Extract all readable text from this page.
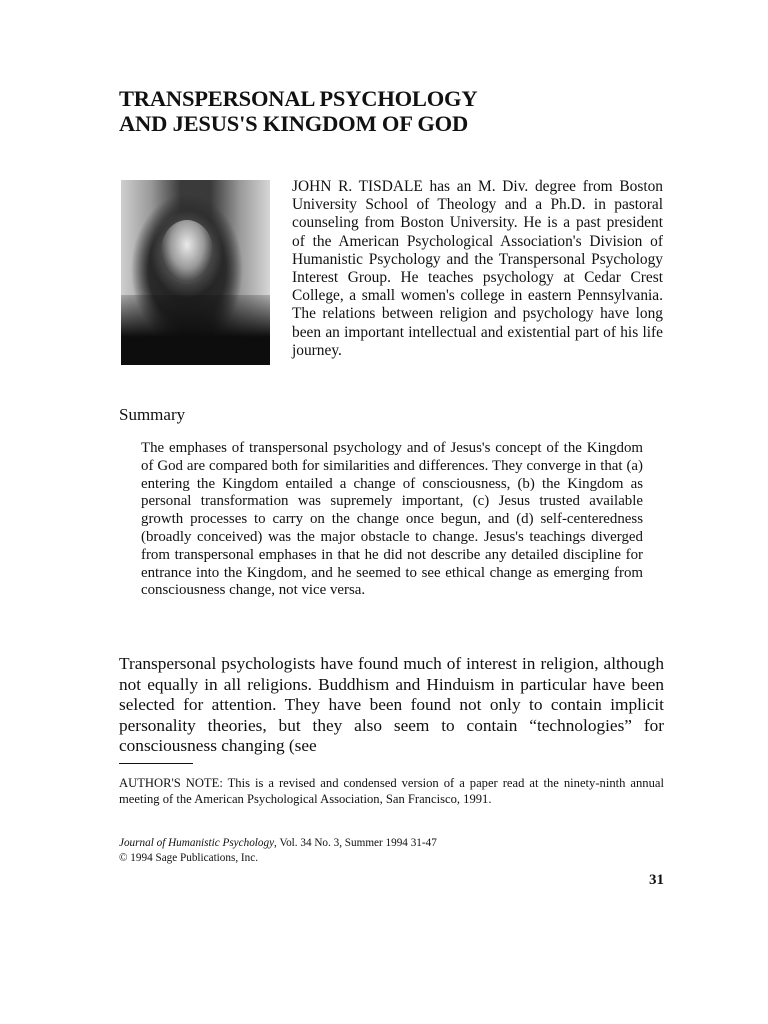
TRANSPERSONAL PSYCHOLOGY
AND JESUS'S KINGDOM OF GOD

JOHN R. TISDALE has an M. Div. degree from Boston University School of Theology and a Ph.D. in pastoral counseling from Boston University. He is a past president of the American Psychological Association's Division of Humanistic Psychology and the Transpersonal Psychology Interest Group. He teaches psychology at Cedar Crest College, a small women's college in eastern Pennsylvania. The relations between religion and psychology have long been an important intellectual and existential part of his life journey.

Summary

The emphases of transpersonal psychology and of Jesus's concept of the Kingdom of God are compared both for similarities and differences. They converge in that (a) entering the Kingdom entailed a change of consciousness, (b) the Kingdom as personal transformation was supremely important, (c) Jesus trusted available growth processes to carry on the change once begun, and (d) self-centeredness (broadly conceived) was the major obstacle to change. Jesus's teachings diverged from transpersonal emphases in that he did not describe any detailed discipline for entrance into the Kingdom, and he seemed to see ethical change as emerging from consciousness change, not vice versa.

Transpersonal psychologists have found much of interest in religion, although not equally in all religions. Buddhism and Hinduism in particular have been selected for attention. They have been found not only to contain implicit personality theories, but they also seem to contain “technologies” for consciousness changing (see

AUTHOR'S NOTE: This is a revised and condensed version of a paper read at the ninety-ninth annual meeting of the American Psychological Association, San Francisco, 1991.

Journal of Humanistic Psychology, Vol. 34 No. 3, Summer 1994 31-47
© 1994 Sage Publications, Inc.

31
